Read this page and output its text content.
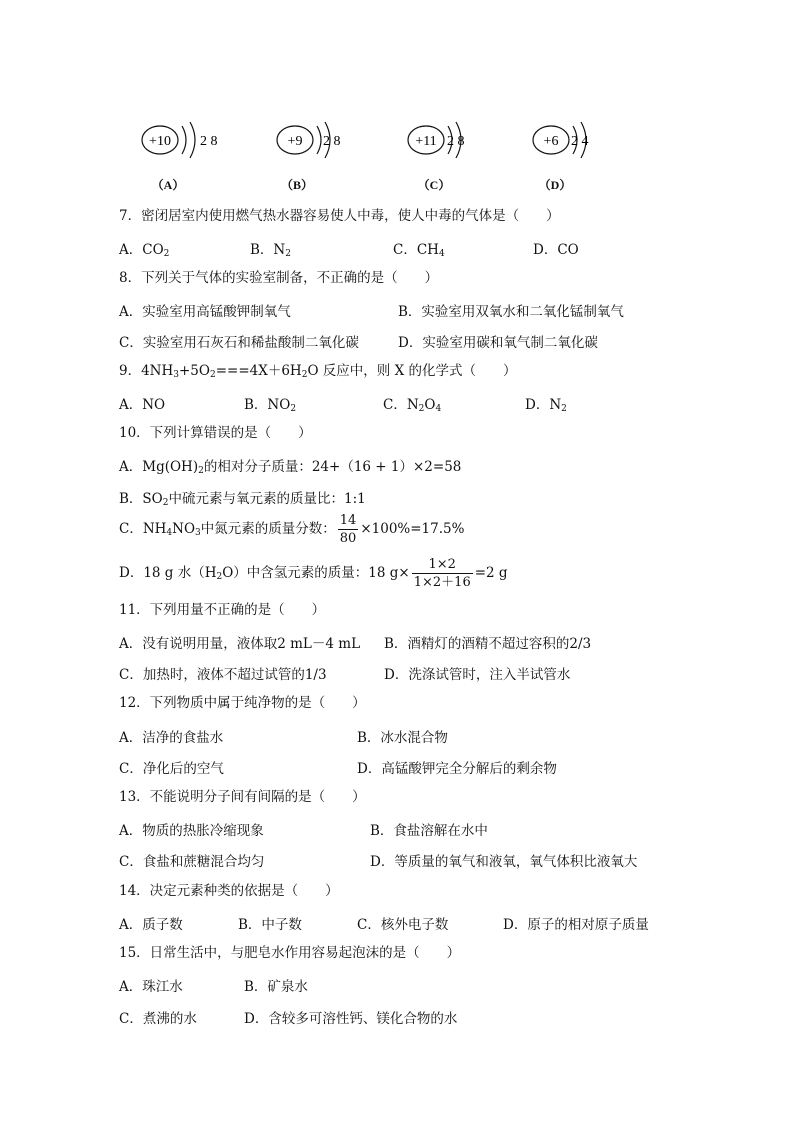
+10 2 8
（A）
+9 2 8
（B）
+11 2 8
（C）
+6 2 4
（D）
7．密闭居室内使用燃气热水器容易使人中毒，使人中毒的气体是（　　）
A．$CO_2$	B．$N_2$	C．$CH_4$	D．CO
8．下列关于气体的实验室制备，不正确的是（　　）
A．实验室用高锰酸钾制氧气	B．实验室用双氧水和二氧化锰制氧气
C．实验室用石灰石和稀盐酸制二氧化碳	D．实验室用碳和氧气制二氧化碳
9．$4NH_3+5O_2===4X+6H_2O$ 反应中，则 X 的化学式（　　）
A．NO	B．$NO_2$	C．$N_2O_4$	D．$N_2$
10．下列计算错误的是（　　）
A．$Mg(OH)_2$的相对分子质量：24+（16 + 1）×2=58
B．$SO_2$中硫元素与氧元素的质量比：1:1
C．$NH_4NO_3$中氮元素的质量分数： $\frac{14}{80} \times 100\%=17.5\%$
D．18 g 水$(H_2O)$中含氢元素的质量：18 $g\times \frac{1\times 2}{1\times 2+16} =2$ g
11．下列用量不正确的是（　　）
A．没有说明用量，液体取2 mL－4 mL B．酒精灯的酒精不超过容积的2/3
C．加热时，液体不超过试管的1/3	D．洗涤试管时，注入半试管水
12．下列物质中属于纯净物的是（　　）
A．洁净的食盐水	B．冰水混合物
C．净化后的空气	D．高锰酸钾完全分解后的剩余物
13．不能说明分子间有间隔的是（　　）
A．物质的热胀冷缩现象	B．食盐溶解在水中
C．食盐和蔗糖混合均匀	D．等质量的氧气和液氧，氧气体积比液氧大
14．决定元素种类的依据是（　　）
A．质子数	B．中子数	C．核外电子数	D．原子的相对原子质量
15．日常生活中，与肥皂水作用容易起泡沫的是（　　）
A．珠江水	B．矿泉水
C．煮沸的水	D．含较多可溶性钙、镁化合物的水
